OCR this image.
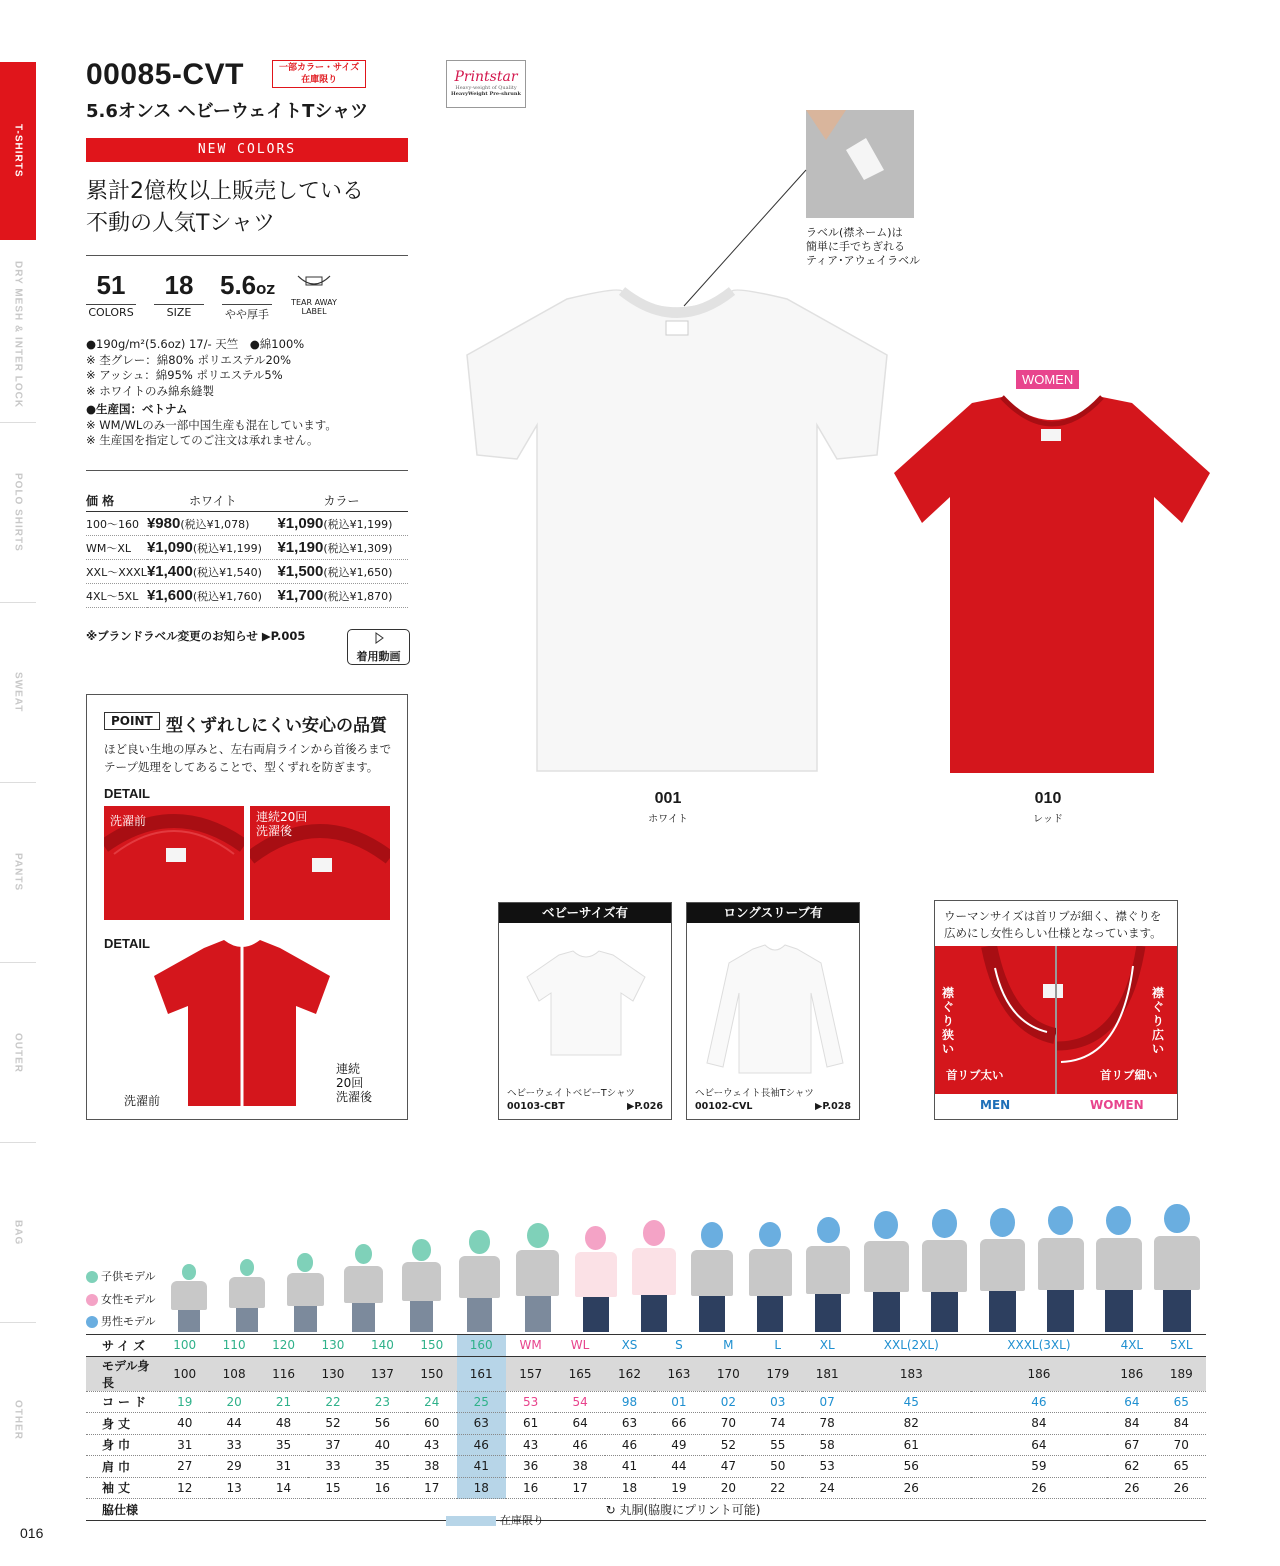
T-SHIRTS
DRY MESH & INTER LOCK
POLO SHIRTS
SWEAT
PANTS
OUTER
BAG
OTHER
00085-CVT	一部カラー・サイズ
在庫限り
5.6オンス ヘビーウェイトTシャツ
Printstar
Heavy-weight of Quality
HeavyWeight Pre-shrunk
NEW COLORS
累計2億枚以上販売している
不動の人気Tシャツ
51
COLORS
18
SIZE
5.6OZ
やや厚手
TEAR AWAY
LABEL
●190g/m²(5.6oz) 17/- 天竺　●綿100%
※ 杢グレー：綿80% ポリエステル20%
※ アッシュ：綿95% ポリエステル5%
※ ホワイトのみ綿糸縫製
●生産国：ベトナム
※ WM/WLのみ一部中国生産も混在しています。
※ 生産国を指定してのご注文は承れません。
価 格	ホワイト	カラー
100〜160	¥980(税込¥1,078)	¥1,090(税込¥1,199)
WM〜XL	¥1,090(税込¥1,199)	¥1,190(税込¥1,309)
XXL〜XXXL	¥1,400(税込¥1,540)	¥1,500(税込¥1,650)
4XL〜5XL	¥1,600(税込¥1,760)	¥1,700(税込¥1,870)
※ブランドラベル変更のお知らせ ▶P.005
着用動画
POINT 型くずれしにくい安心の品質
ほど良い生地の厚みと、左右両肩ラインから首後ろまでテープ処理をしてあることで、型くずれを防ぎます。
DETAIL
洗濯前	連続20回
洗濯後
DETAIL
洗濯前
連続
20回
洗濯後
001
ホワイト
ラベル(襟ネーム)は
簡単に手でちぎれる
ティア･アウェイラベル
WOMEN
010
レッド
ベビーサイズ有
ヘビーウェイトベビーTシャツ
00103-CBT	▶P.026
ロングスリーブ有
ヘビーウェイト長袖Tシャツ
00102-CVL	▶P.028
ウーマンサイズは首リブが細く、襟ぐりを広めにし女性らしい仕様となっています。
襟ぐり狭い
襟ぐり広い
首リブ太い	首リブ細い
MEN	WOMEN
子供モデル
女性モデル
男性モデル
サイズ	100	110	120	130	140	150	160	WM	WL	XS	S	M	L	XL	XXL(2XL)	XXXL(3XL)	4XL	5XL
モデル身長	100	108	116	130	137	150	161	157	165	162	163	170	179	181	183	186	186	189
コード	19	20	21	22	23	24	25	53	54	98	01	02	03	07	45	46	64	65
身丈	40	44	48	52	56	60	63	61	64	63	66	70	74	78	82	84	84	84
身巾	31	33	35	37	40	43	46	43	46	46	49	52	55	58	61	64	67	70
肩巾	27	29	31	33	35	38	41	36	38	41	44	47	50	53	56	59	62	65
袖丈	12	13	14	15	16	17	18	16	17	18	19	20	22	24	26	26	26	26
脇仕様	↻ 丸胴(脇腹にプリント可能)																	
在庫限り
016
